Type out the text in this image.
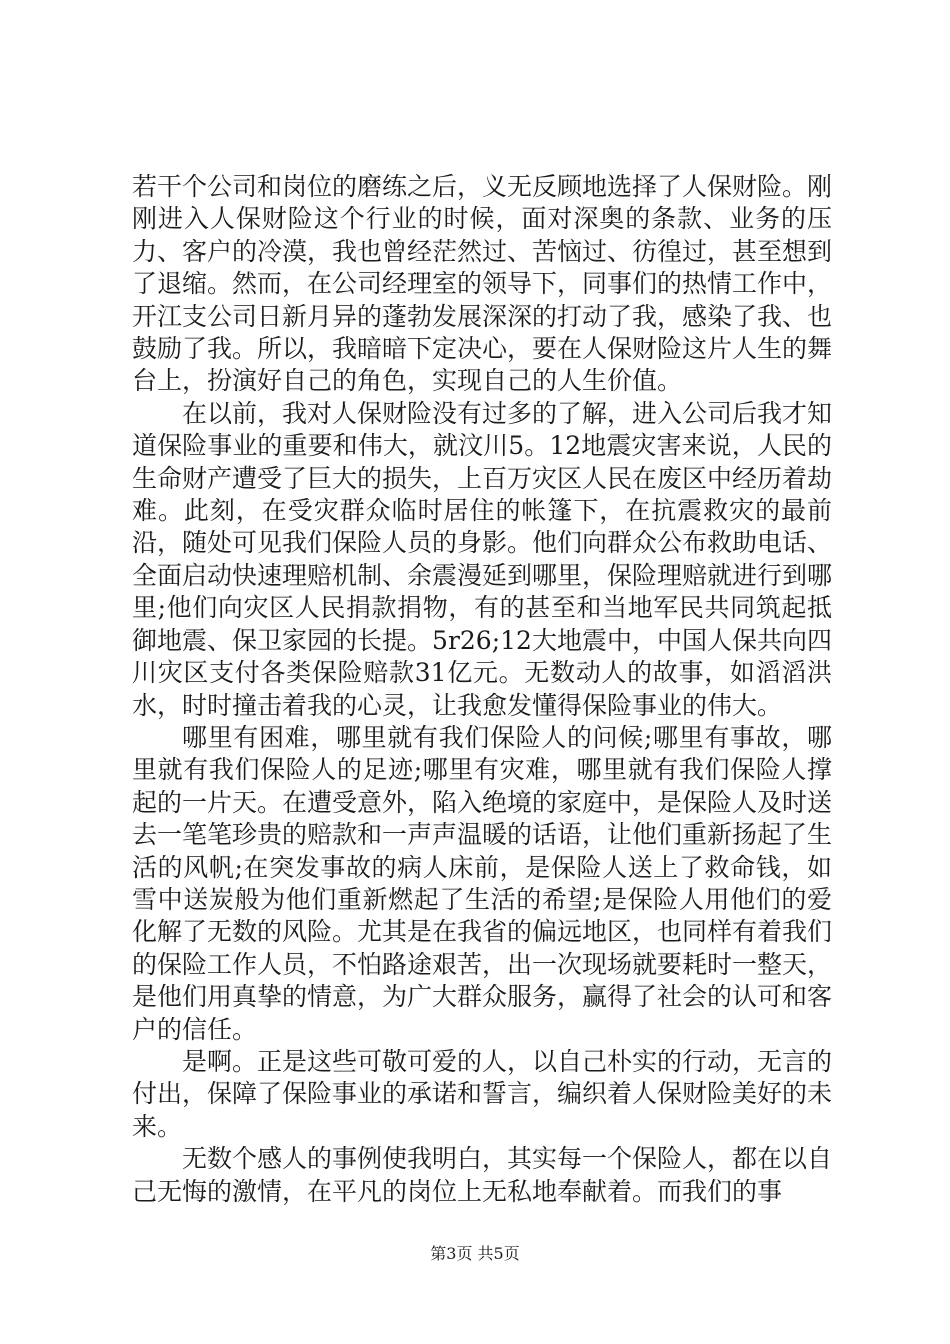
若干个公司和岗位的磨练之后，义无反顾地选择了人保财险。刚刚进入人保财险这个行业的时候，面对深奥的条款、业务的压力、客户的冷漠，我也曾经茫然过、苦恼过、彷徨过，甚至想到了退缩。然而，在公司经理室的领导下，同事们的热情工作中，开江支公司日新月异的蓬勃发展深深的打动了我，感染了我、也鼓励了我。所以，我暗暗下定决心，要在人保财险这片人生的舞台上，扮演好自己的角色，实现自己的人生价值。

在以前，我对人保财险没有过多的了解，进入公司后我才知道保险事业的重要和伟大，就汶川5。12地震灾害来说，人民的生命财产遭受了巨大的损失，上百万灾区人民在废区中经历着劫难。此刻，在受灾群众临时居住的帐篷下，在抗震救灾的最前沿，随处可见我们保险人员的身影。他们向群众公布救助电话、全面启动快速理赔机制、余震漫延到哪里，保险理赔就进行到哪里;他们向灾区人民捐款捐物，有的甚至和当地军民共同筑起抵御地震、保卫家园的长提。5r26;12大地震中，中国人保共向四川灾区支付各类保险赔款31亿元。无数动人的故事，如滔滔洪水，时时撞击着我的心灵，让我愈发懂得保险事业的伟大。

哪里有困难，哪里就有我们保险人的问候;哪里有事故，哪里就有我们保险人的足迹;哪里有灾难，哪里就有我们保险人撑起的一片天。在遭受意外，陷入绝境的家庭中，是保险人及时送去一笔笔珍贵的赔款和一声声温暖的话语，让他们重新扬起了生活的风帆;在突发事故的病人床前，是保险人送上了救命钱，如雪中送炭般为他们重新燃起了生活的希望;是保险人用他们的爱化解了无数的风险。尤其是在我省的偏远地区，也同样有着我们的保险工作人员，不怕路途艰苦，出一次现场就要耗时一整天，是他们用真挚的情意，为广大群众服务，赢得了社会的认可和客户的信任。

是啊。正是这些可敬可爱的人，以自己朴实的行动，无言的付出，保障了保险事业的承诺和誓言，编织着人保财险美好的未来。

无数个感人的事例使我明白，其实每一个保险人，都在以自己无悔的激情，在平凡的岗位上无私地奉献着。而我们的事

第3页 共5页
